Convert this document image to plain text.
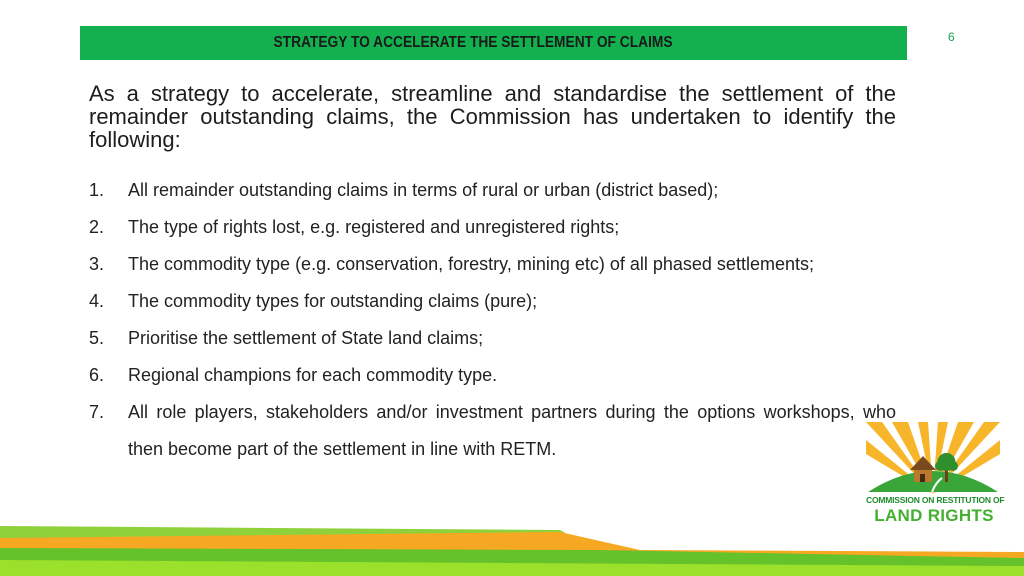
STRATEGY TO ACCELERATE THE SETTLEMENT OF CLAIMS	6

As a strategy to accelerate, streamline and standardise the settlement of the remainder outstanding claims, the Commission has undertaken to identify the following:

1.	All remainder outstanding claims in terms of rural or urban (district based);
2.	The type of rights lost, e.g. registered and unregistered rights;
3.	The commodity type (e.g. conservation, forestry, mining etc) of all phased settlements;
4.	The commodity types for outstanding claims (pure);
5.	Prioritise the settlement of State land claims;
6.	Regional champions for each commodity type.
7.	All role players, stakeholders and/or investment partners during the options workshops, who then become part of the settlement in line with RETM.
COMMISSION ON RESTITUTION OF
LAND RIGHTS
